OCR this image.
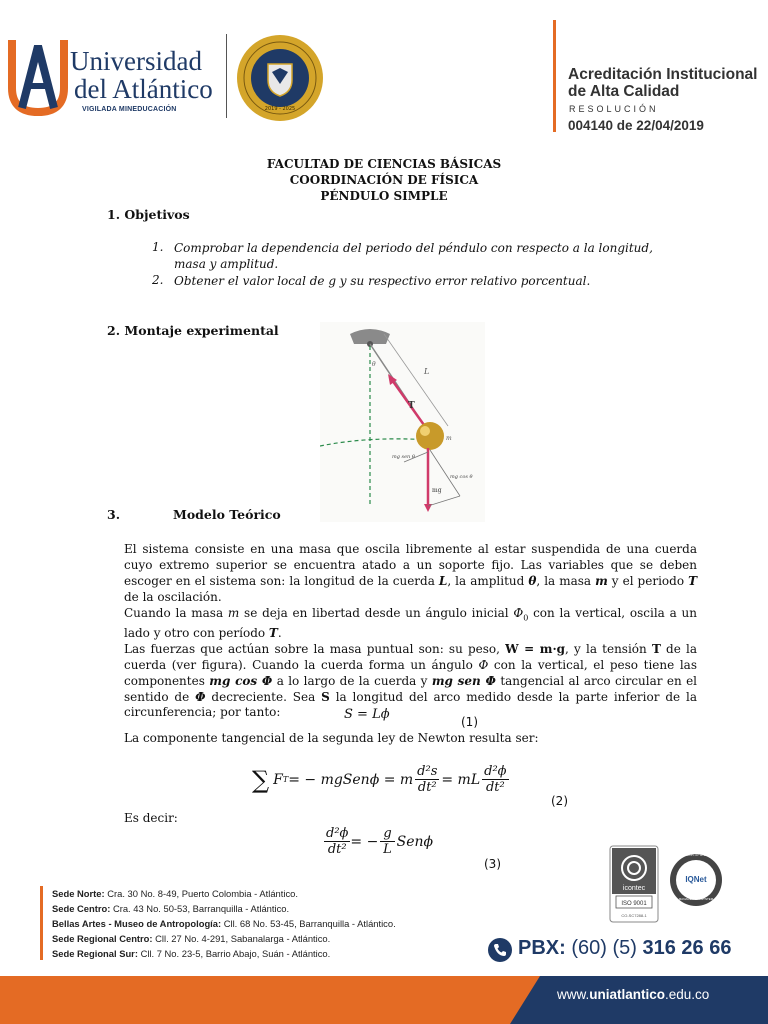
Universidad
del Atlántico
VIGILADA MINEDUCACIÓN	2019 - 2025
Acreditación Institucional
de Alta Calidad
RESOLUCIÓN
004140 de 22/04/2019
FACULTAD DE CIENCIAS BÁSICAS
COORDINACIÓN DE FÍSICA
PÉNDULO SIMPLE
1. Objetivos
1. Comprobar la dependencia del periodo del péndulo con respecto a la longitud, masa y amplitud.
2. Obtener el valor local de g y su respectivo error relativo porcentual.
2. Montaje experimental
L
T
m
mg
mg sen θ
mg cos θ
θ
3.	Modelo Teórico
El sistema consiste en una masa que oscila libremente al estar suspendida de una cuerda cuyo extremo superior se encuentra atado a un soporte fijo. Las variables que se deben escoger en el sistema son: la longitud de la cuerda L, la amplitud θ, la masa m y el periodo T de la oscilación.
Cuando la masa m se deja en libertad desde un ángulo inicial $\Phi_0$ con la vertical, oscila a un lado y otro con período T.
Las fuerzas que actúan sobre la masa puntual son: su peso, W = m·g, y la tensión T de la cuerda (ver figura). Cuando la cuerda forma un ángulo Φ con la vertical, el peso tiene las componentes mg cos Φ a lo largo de la cuerda y mg sen Φ tangencial al arco circular en el sentido de Φ decreciente. Sea S la longitud del arco medido desde la parte inferior de la circunferencia; por tanto:	S = Lϕ	(1)
La componente tangencial de la segunda ley de Newton resulta ser:
∑ F T = − mgSenϕ = m $\frac{\text{d²s}}{\text{dt²}}$ = mL $\frac{\text{d²ϕ}}{\text{dt²}}$
(2)
Es decir:
$\frac{\text{d²ϕ}}{\text{dt²}}$ = − $\frac{g}{L}$ Senϕ
(3)
icontec
ISO 9001
CO-SC7288-1
CERTIFIED
IQNet
MANAGEMENT SYSTEM
Sede Norte: Cra. 30 No. 8-49, Puerto Colombia - Atlántico.
Sede Centro: Cra. 43 No. 50-53, Barranquilla - Atlántico.
Bellas Artes - Museo de Antropología: Cll. 68 No. 53-45, Barranquilla - Atlántico.
Sede Regional Centro: Cll. 27 No. 4-291, Sabanalarga - Atlántico.
Sede Regional Sur: Cll. 7 No. 23-5, Barrio Abajo, Suán - Atlántico.	PBX: (60) (5) 316 26 66
www.uniatlantico.edu.co
